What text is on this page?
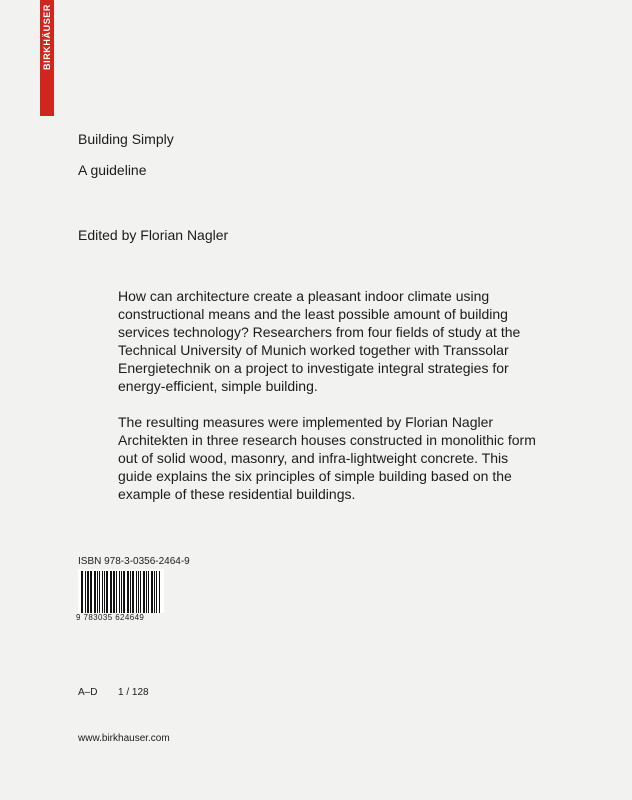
BIRKHÄUSER
Building Simply
A guideline
Edited by Florian Nagler

How can architecture create a pleasant indoor climate using constructional means and the least possible amount of building services technology? Researchers from four fields of study at the Technical University of Munich worked together with Transsolar Energietechnik on a project to investigate integral strategies for energy-efficient, simple building.

The resulting measures were implemented by Florian Nagler Architekten in three research houses constructed in monolithic form out of solid wood, masonry, and infra-lightweight concrete. This guide explains the six principles of simple building based on the example of these residential buildings.

ISBN 978-3-0356-2464-9
9 783035 624649
A–D 1 / 128
www.birkhauser.com
